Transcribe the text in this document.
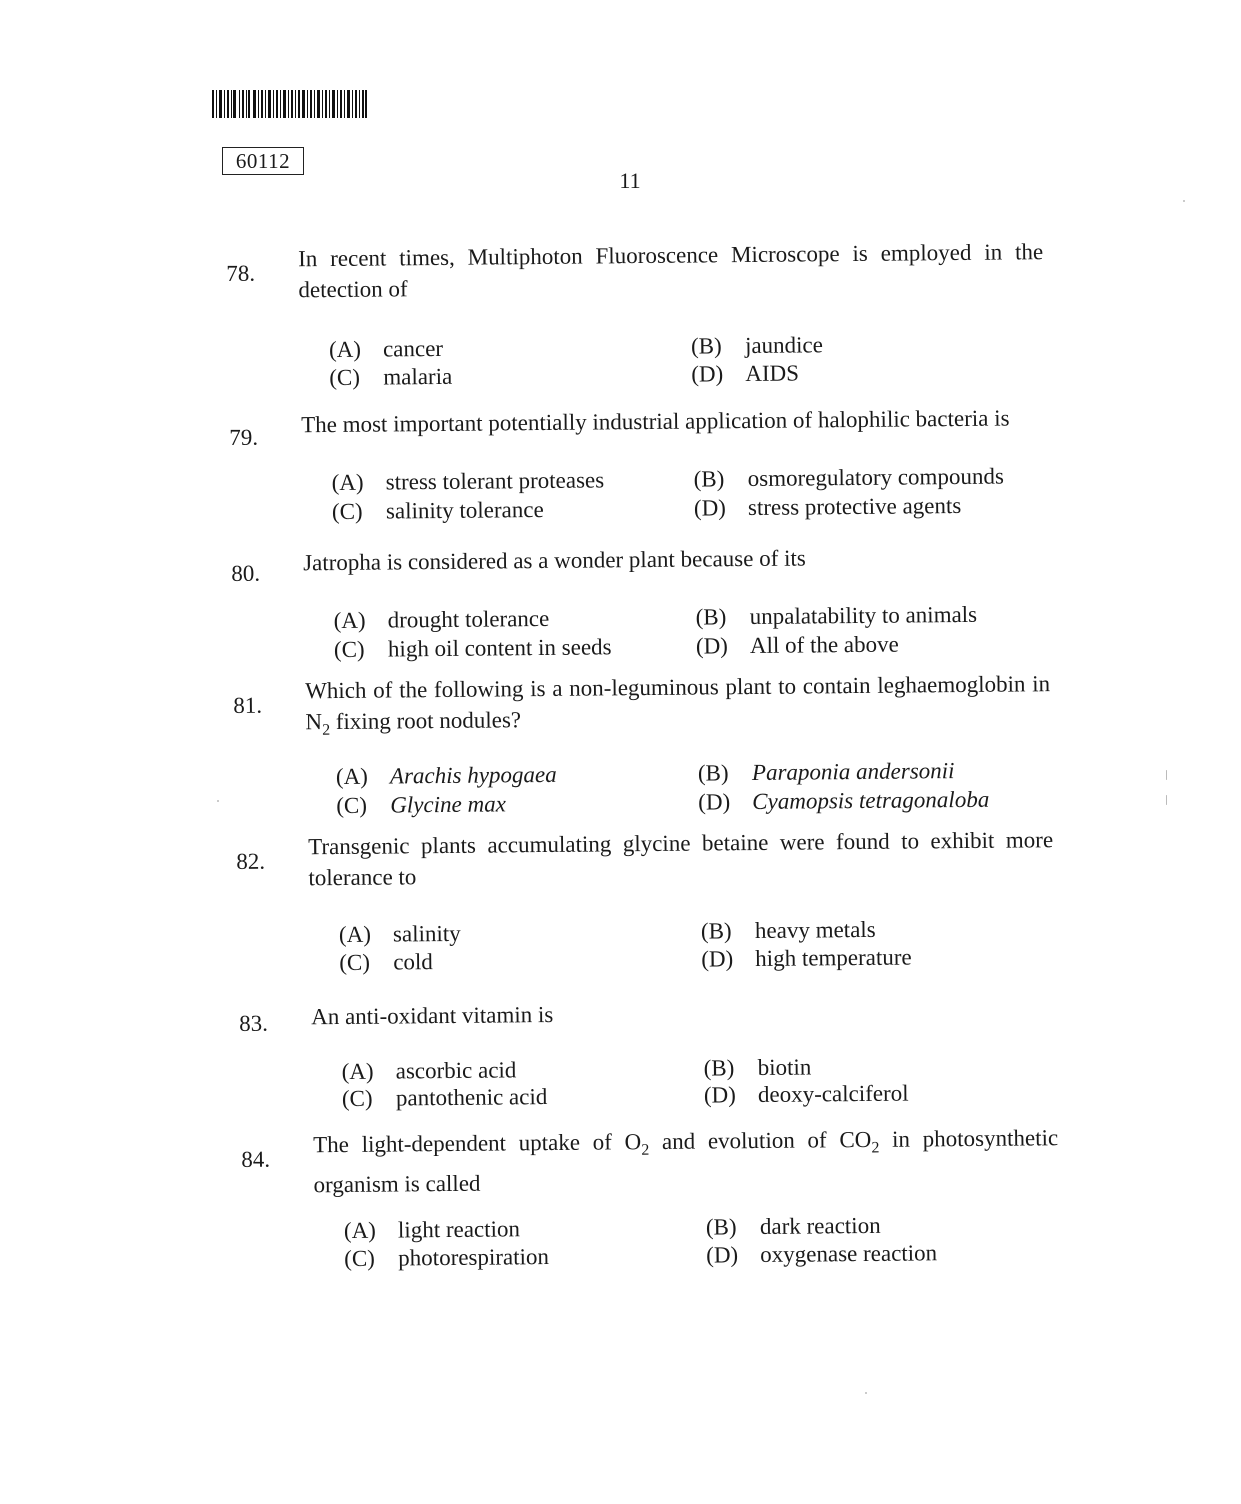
60112
11
78.
In recent times, Multiphoton Fluoroscence Microscope is employed in the detection of
(A) cancer	(B) jaundice
(C) malaria	(D) AIDS
79.
The most important potentially industrial application of halophilic bacteria is
(A) stress tolerant proteases	(B) osmoregulatory compounds
(C) salinity tolerance	(D) stress protective agents
80.	Jatropha is considered as a wonder plant because of its
(A) drought tolerance	(B) unpalatability to animals
(C) high oil content in seeds	(D) All of the above
81.
Which of the following is a non-leguminous plant to contain leghaemoglobin in $N_2$ fixing root nodules?
(A) Arachis hypogaea	(B) Paraponia andersonii
(C) Glycine max	(D) Cyamopsis tetragonaloba
82.
Transgenic plants accumulating glycine betaine were found to exhibit more tolerance to
(A) salinity	(B) heavy metals
(C) cold	(D) high temperature
83.	An anti-oxidant vitamin is
(A) ascorbic acid	(B) biotin
(C) pantothenic acid	(D) deoxy-calciferol
84.
The light-dependent uptake of $O_2$ and evolution of $CO_2$ in photosynthetic organism is called
(A) light reaction	(B) dark reaction
(C) photorespiration	(D) oxygenase reaction
